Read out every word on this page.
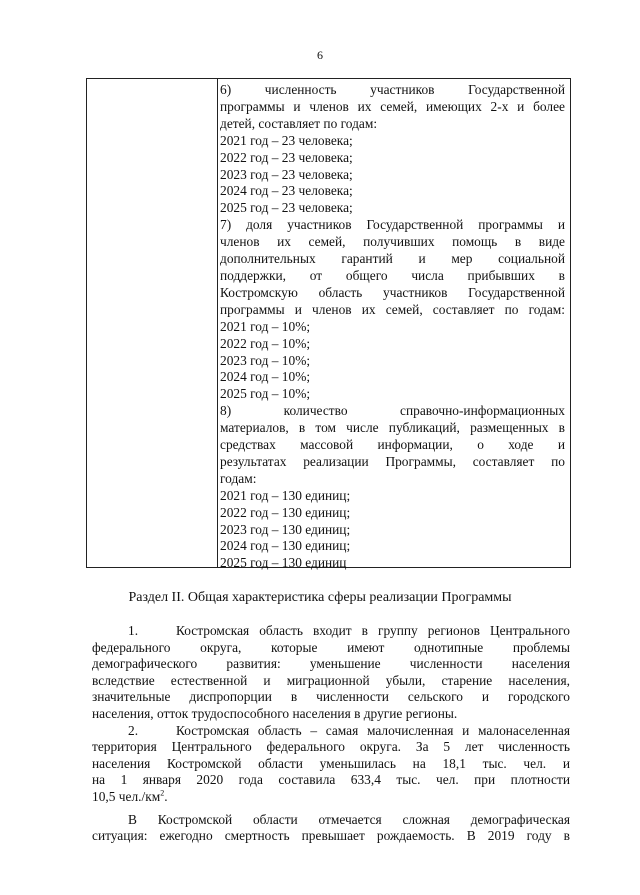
6
6) численность участников Государственной
программы и членов их семей, имеющих 2-х и более
детей, составляет по годам:
2021 год – 23 человека;
2022 год – 23 человека;
2023 год – 23 человека;
2024 год – 23 человека;
2025 год – 23 человека;
7) доля участников Государственной программы и
членов их семей, получивших помощь в виде
дополнительных гарантий и мер социальной
поддержки, от общего числа прибывших в
Костромскую область участников Государственной
программы и членов их семей, составляет по годам:
2021 год – 10%;
2022 год – 10%;
2023 год – 10%;
2024 год – 10%;
2025 год – 10%;
8) количество справочно-информационных
материалов, в том числе публикаций, размещенных в
средствах массовой информации, о ходе и
результатах реализации Программы, составляет по
годам:
2021 год – 130 единиц;
2022 год – 130 единиц;
2023 год – 130 единиц;
2024 год – 130 единиц;
2025 год – 130 единиц
Раздел II. Общая характеристика сферы реализации Программы
1.	Костромская область входит в группу регионов Центрального
федерального округа, которые имеют однотипные проблемы
демографического развития: уменьшение численности населения
вследствие естественной и миграционной убыли, старение населения,
значительные диспропорции в численности сельского и городского
населения, отток трудоспособного населения в другие регионы.
2.	Костромская область – самая малочисленная и малонаселенная
территория Центрального федерального округа. За 5 лет численность
населения Костромской области уменьшилась на 18,1 тыс. чел. и
на 1 января 2020 года составила 633,4 тыс. чел. при плотности
10,5 $чел./км^2$.
В Костромской области отмечается сложная демографическая
ситуация: ежегодно смертность превышает рождаемость. В 2019 году в
